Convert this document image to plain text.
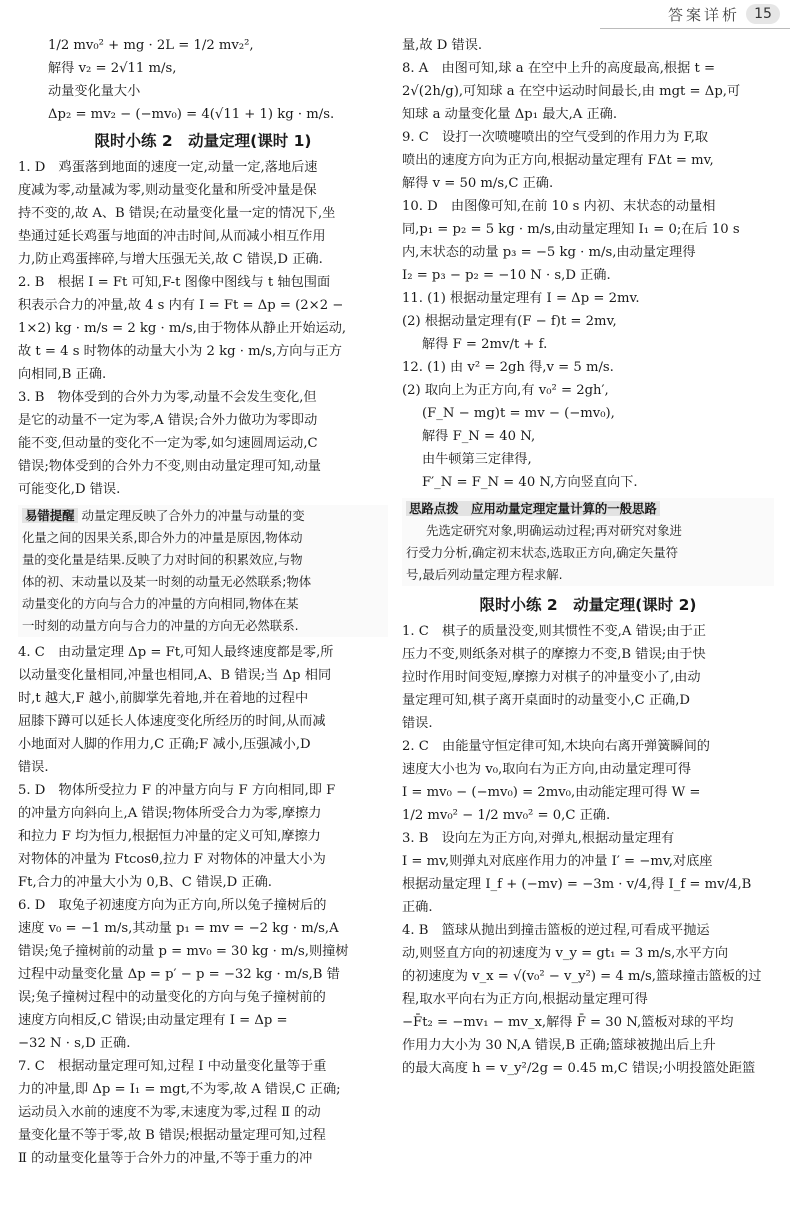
答案详析	15
1/2 mv₀² + mg · 2L = 1/2 mv₂²,
解得 v₂ = 2√11 m/s,
动量变化量大小
Δp₂ = mv₂ − (−mv₀) = 4(√11 + 1) kg · m/s.
限时小练 2　动量定理(课时 1)
1. D　鸡蛋落到地面的速度一定,动量一定,落地后速
度减为零,动量减为零,则动量变化量和所受冲量是保
持不变的,故 A、B 错误;在动量变化量一定的情况下,坐
垫通过延长鸡蛋与地面的冲击时间,从而减小相互作用
力,防止鸡蛋摔碎,与增大压强无关,故 C 错误,D 正确.
2. B　根据 I = Ft 可知,F-t 图像中图线与 t 轴包围面
积表示合力的冲量,故 4 s 内有 I = Ft = Δp = (2×2 −
1×2) kg · m/s = 2 kg · m/s,由于物体从静止开始运动,
故 t = 4 s 时物体的动量大小为 2 kg · m/s,方向与正方
向相同,B 正确.
3. B　物体受到的合外力为零,动量不会发生变化,但
是它的动量不一定为零,A 错误;合外力做功为零即动
能不变,但动量的变化不一定为零,如匀速圆周运动,C
错误;物体受到的合外力不变,则由动量定理可知,动量
可能变化,D 错误.
易错提醒 动量定理反映了合外力的冲量与动量的变
化量之间的因果关系,即合外力的冲量是原因,物体动
量的变化量是结果.反映了力对时间的积累效应,与物
体的初、末动量以及某一时刻的动量无必然联系;物体
动量变化的方向与合力的冲量的方向相同,物体在某
一时刻的动量方向与合力的冲量的方向无必然联系.
4. C　由动量定理 Δp = Ft,可知人最终速度都是零,所
以动量变化量相同,冲量也相同,A、B 错误;当 Δp 相同
时,t 越大,F 越小,前脚掌先着地,并在着地的过程中
屈膝下蹲可以延长人体速度变化所经历的时间,从而减
小地面对人脚的作用力,C 正确;F 减小,压强减小,D
错误.
5. D　物体所受拉力 F 的冲量方向与 F 方向相同,即 F
的冲量方向斜向上,A 错误;物体所受合力为零,摩擦力
和拉力 F 均为恒力,根据恒力冲量的定义可知,摩擦力
对物体的冲量为 Ftcosθ,拉力 F 对物体的冲量大小为
Ft,合力的冲量大小为 0,B、C 错误,D 正确.
6. D　取兔子初速度方向为正方向,所以兔子撞树后的
速度 v₀ = −1 m/s,其动量 p₁ = mv = −2 kg · m/s,A
错误;兔子撞树前的动量 p = mv₀ = 30 kg · m/s,则撞树
过程中动量变化量 Δp = p′ − p = −32 kg · m/s,B 错
误;兔子撞树过程中的动量变化的方向与兔子撞树前的
速度方向相反,C 错误;由动量定理有 I = Δp =
−32 N · s,D 正确.
7. C　根据动量定理可知,过程 Ⅰ 中动量变化量等于重
力的冲量,即 Δp = I₁ = mgt,不为零,故 A 错误,C 正确;
运动员入水前的速度不为零,末速度为零,过程 Ⅱ 的动
量变化量不等于零,故 B 错误;根据动量定理可知,过程
Ⅱ 的动量变化量等于合外力的冲量,不等于重力的冲
量,故 D 错误.
8. A　由图可知,球 a 在空中上升的高度最高,根据 t =
2√(2h/g),可知球 a 在空中运动时间最长,由 mgt = Δp,可
知球 a 动量变化量 Δp₁ 最大,A 正确.
9. C　设打一次喷嚏喷出的空气受到的作用力为 F,取
喷出的速度方向为正方向,根据动量定理有 FΔt = mv,
解得 v = 50 m/s,C 正确.
10. D　由图像可知,在前 10 s 内初、末状态的动量相
同,p₁ = p₂ = 5 kg · m/s,由动量定理知 I₁ = 0;在后 10 s
内,末状态的动量 p₃ = −5 kg · m/s,由动量定理得
I₂ = p₃ − p₂ = −10 N · s,D 正确.
11. (1) 根据动量定理有 I = Δp = 2mv.
(2) 根据动量定理有(F − f)t = 2mv,
解得 F = 2mv/t + f.
12. (1) 由 v² = 2gh 得,v = 5 m/s.
(2) 取向上为正方向,有 v₀² = 2gh′,
(F_N − mg)t = mv − (−mv₀),
解得 F_N = 40 N,
由牛顿第三定律得,
F′_N = F_N = 40 N,方向竖直向下.
思路点拨　应用动量定理定量计算的一般思路
先选定研究对象,明确运动过程;再对研究对象进
行受力分析,确定初末状态,选取正方向,确定矢量符
号,最后列动量定理方程求解.
限时小练 2　动量定理(课时 2)
1. C　棋子的质量没变,则其惯性不变,A 错误;由于正
压力不变,则纸条对棋子的摩擦力不变,B 错误;由于快
拉时作用时间变短,摩擦力对棋子的冲量变小了,由动
量定理可知,棋子离开桌面时的动量变小,C 正确,D
错误.
2. C　由能量守恒定律可知,木块向右离开弹簧瞬间的
速度大小也为 v₀,取向右为正方向,由动量定理可得
I = mv₀ − (−mv₀) = 2mv₀,由动能定理可得 W =
1/2 mv₀² − 1/2 mv₀² = 0,C 正确.
3. B　设向左为正方向,对弹丸,根据动量定理有
I = mv,则弹丸对底座作用力的冲量 I′ = −mv,对底座
根据动量定理 I_f + (−mv) = −3m · v/4,得 I_f = mv/4,B
正确.
4. B　篮球从抛出到撞击篮板的逆过程,可看成平抛运
动,则竖直方向的初速度为 v_y = gt₁ = 3 m/s,水平方向
的初速度为 v_x = √(v₀² − v_y²) = 4 m/s,篮球撞击篮板的过
程,取水平向右为正方向,根据动量定理可得
−F̄t₂ = −mv₁ − mv_x,解得 F̄ = 30 N,篮板对球的平均
作用力大小为 30 N,A 错误,B 正确;篮球被抛出后上升
的最大高度 h = v_y²/2g = 0.45 m,C 错误;小明投篮处距篮
